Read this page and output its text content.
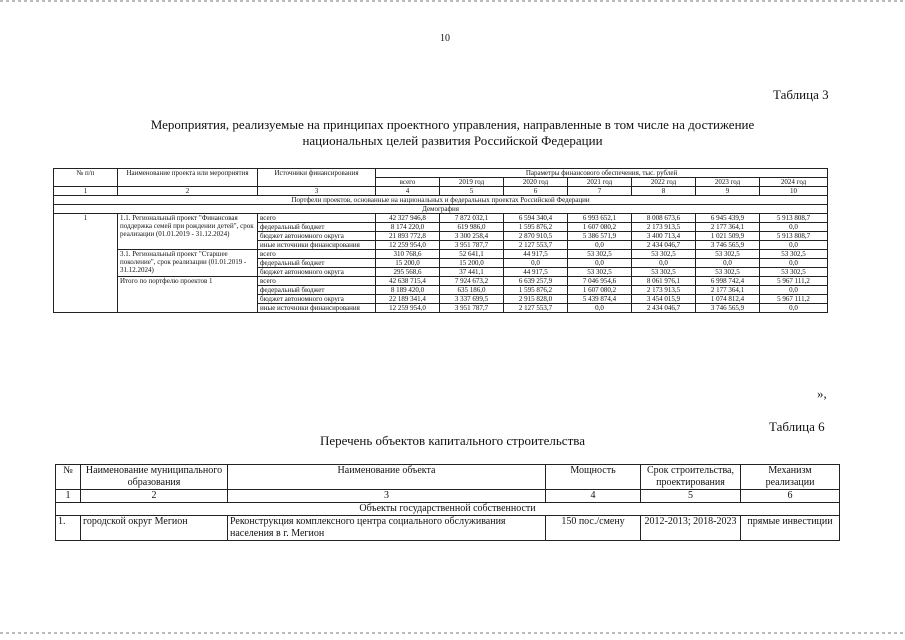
10
Таблица 3
Мероприятия, реализуемые на принципах проектного управления, направленные в том числе на достижение
национальных целей развития Российской Федерации
№ п/п	Наименование проекта или мероприятия	Источники финансирования	Параметры финансового обеспечения, тыс. рублей						
			всего	2019 год	2020 год	2021 год	2022 год	2023 год	2024 год
1	2	3	4	5	6	7	8	9	10
Портфели проектов, основанные на национальных и федеральных проектах Российской Федерации									
Демография									
1	1.1. Региональный проект "Финансовая поддержка семей при рождении детей", срок реализации (01.01.2019 - 31.12.2024)	всего	42 327 946,8	7 872 032,1	6 594 340,4	6 993 652,1	8 008 673,6	6 945 439,9	5 913 808,7
		федеральный бюджет	8 174 220,0	619 986,0	1 595 876,2	1 607 080,2	2 173 913,5	2 177 364,1	0,0
		бюджет автономного округа	21 893 772,8	3 300 258,4	2 870 910,5	5 386 571,9	3 400 713,4	1 021 509,9	5 913 808,7
		иные источники финансирования	12 259 954,0	3 951 787,7	2 127 553,7	0,0	2 434 046,7	3 746 565,9	0,0
	3.1. Региональный проект "Старшее поколение", срок реализации (01.01.2019 - 31.12.2024)	всего	310 768,6	52 641,1	44 917,5	53 302,5	53 302,5	53 302,5	53 302,5
		федеральный бюджет	15 200,0	15 200,0	0,0	0,0	0,0	0,0	0,0
		бюджет автономного округа	295 568,6	37 441,1	44 917,5	53 302,5	53 302,5	53 302,5	53 302,5
	Итого по портфелю проектов 1	всего	42 638 715,4	7 924 673,2	6 639 257,9	7 046 954,6	8 061 976,1	6 998 742,4	5 967 111,2
		федеральный бюджет	8 189 420,0	635 186,0	1 595 876,2	1 607 080,2	2 173 913,5	2 177 364,1	0,0
		бюджет автономного округа	22 189 341,4	3 337 699,5	2 915 828,0	5 439 874,4	3 454 015,9	1 074 812,4	5 967 111,2
		иные источники финансирования	12 259 954,0	3 951 787,7	2 127 553,7	0,0	2 434 046,7	3 746 565,9	0,0
»,
Таблица 6
Перечень объектов капитального строительства
№	Наименование муниципального образования	Наименование объекта	Мощность	Срок строительства, проектирования	Механизм реализации
1	2	3	4	5	6
Объекты государственной собственности					
1.	городской округ Мегион	Реконструкция комплексного центра социального обслуживания населения в г. Мегион	150 пос./смену	2012-2013; 2018-2023	прямые инвестиции
